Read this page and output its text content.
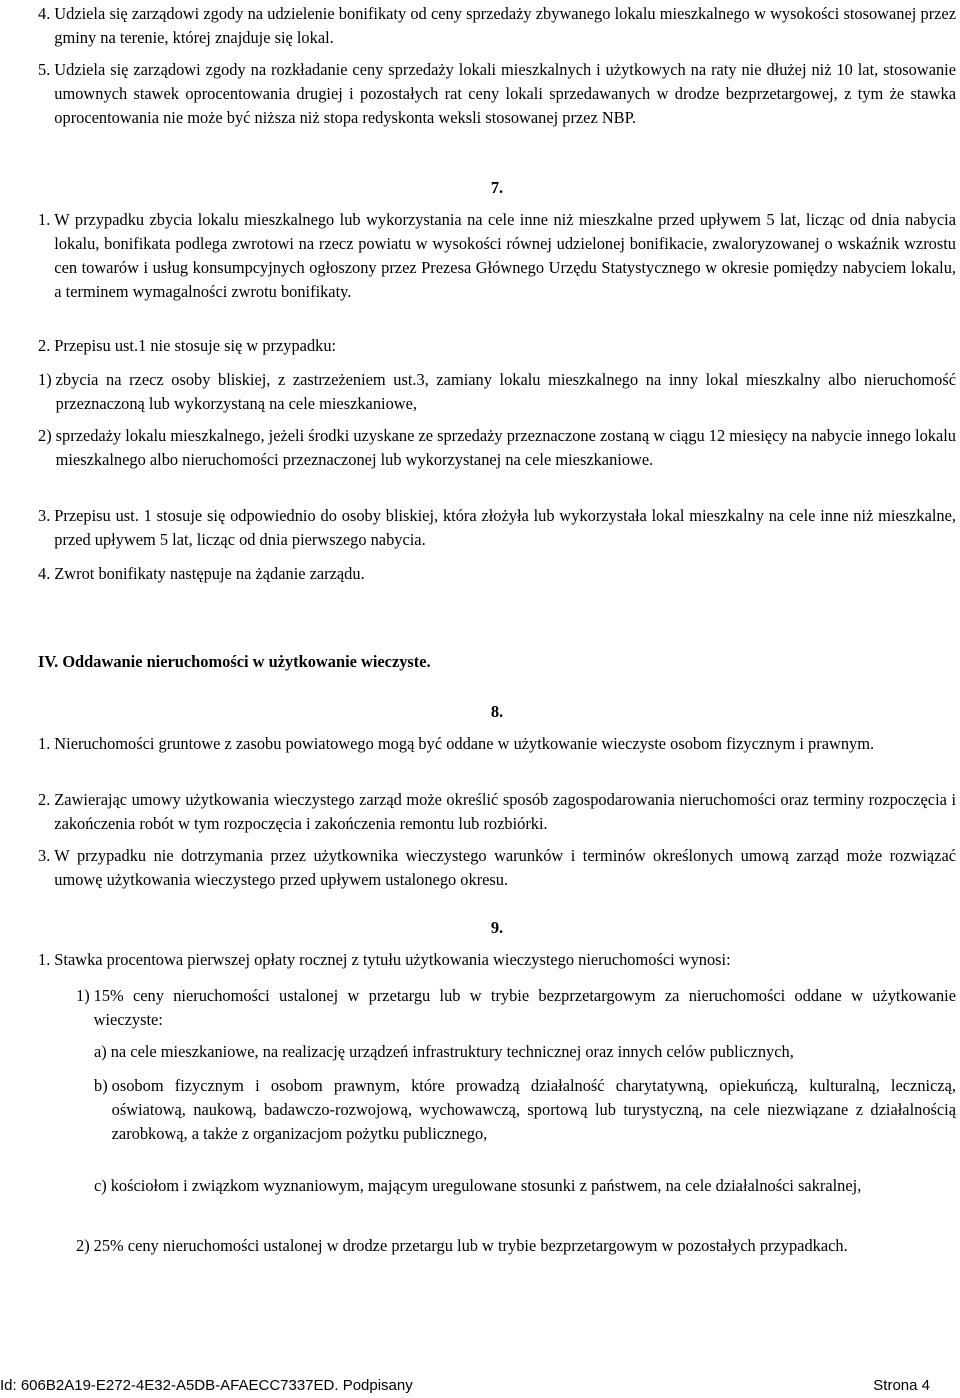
4. Udziela się zarządowi zgody na udzielenie bonifikaty od ceny sprzedaży zbywanego lokalu mieszkalnego w wysokości stosowanej przez gminy na terenie, której znajduje się lokal.
5. Udziela się zarządowi zgody na rozkładanie ceny sprzedaży lokali mieszkalnych i użytkowych na raty nie dłużej niż 10 lat, stosowanie umownych stawek oprocentowania drugiej i pozostałych rat ceny lokali sprzedawanych w drodze bezprzetargowej, z tym że stawka oprocentowania nie może być niższa niż stopa redyskonta weksli stosowanej przez NBP.
7.
1. W przypadku zbycia lokalu mieszkalnego lub wykorzystania na cele inne niż mieszkalne przed upływem 5 lat, licząc od dnia nabycia lokalu, bonifikata podlega zwrotowi na rzecz powiatu w wysokości równej udzielonej bonifikacie, zwaloryzowanej o wskaźnik wzrostu cen towarów i usług konsumpcyjnych ogłoszony przez Prezesa Głównego Urzędu Statystycznego w okresie pomiędzy nabyciem lokalu, a terminem wymagalności zwrotu bonifikaty.
2. Przepisu ust.1 nie stosuje się w przypadku:
1) zbycia na rzecz osoby bliskiej, z zastrzeżeniem ust.3, zamiany lokalu mieszkalnego na inny lokal mieszkalny albo nieruchomość przeznaczoną lub wykorzystaną na cele mieszkaniowe,
2) sprzedaży lokalu mieszkalnego, jeżeli środki uzyskane ze sprzedaży przeznaczone zostaną w ciągu 12 miesięcy na nabycie innego lokalu mieszkalnego albo nieruchomości przeznaczonej lub wykorzystanej na cele mieszkaniowe.
3. Przepisu ust. 1 stosuje się odpowiednio do osoby bliskiej, która złożyła lub wykorzystała lokal mieszkalny na cele inne niż mieszkalne, przed upływem 5 lat, licząc od dnia pierwszego nabycia.
4. Zwrot bonifikaty następuje na żądanie zarządu.
IV. Oddawanie nieruchomości w użytkowanie wieczyste.
8.
1. Nieruchomości gruntowe z zasobu powiatowego mogą być oddane w użytkowanie wieczyste osobom fizycznym i prawnym.
2. Zawierając umowy użytkowania wieczystego zarząd może określić sposób zagospodarowania nieruchomości oraz terminy rozpoczęcia i zakończenia robót w tym rozpoczęcia i zakończenia remontu lub rozbiórki.
3. W przypadku nie dotrzymania przez użytkownika wieczystego warunków i terminów określonych umową zarząd może rozwiązać umowę użytkowania wieczystego przed upływem ustalonego okresu.
9.
1. Stawka procentowa pierwszej opłaty rocznej z tytułu użytkowania wieczystego nieruchomości wynosi:
1) 15% ceny nieruchomości ustalonej w przetargu lub w trybie bezprzetargowym za nieruchomości oddane w użytkowanie wieczyste:
a) na cele mieszkaniowe, na realizację urządzeń infrastruktury technicznej oraz innych celów publicznych,
b) osobom fizycznym i osobom prawnym, które prowadzą działalność charytatywną, opiekuńczą, kulturalną, leczniczą, oświatową, naukową, badawczo-rozwojową, wychowawczą, sportową lub turystyczną, na cele niezwiązane z działalnością zarobkową, a także z organizacjom pożytku publicznego,
c) kościołom i związkom wyznaniowym, mającym uregulowane stosunki z państwem, na cele działalności sakralnej,
2) 25% ceny nieruchomości ustalonej w drodze przetargu lub w trybie bezprzetargowym w pozostałych przypadkach.
Id: 606B2A19-E272-4E32-A5DB-AFAECC7337ED. Podpisany	Strona 4
